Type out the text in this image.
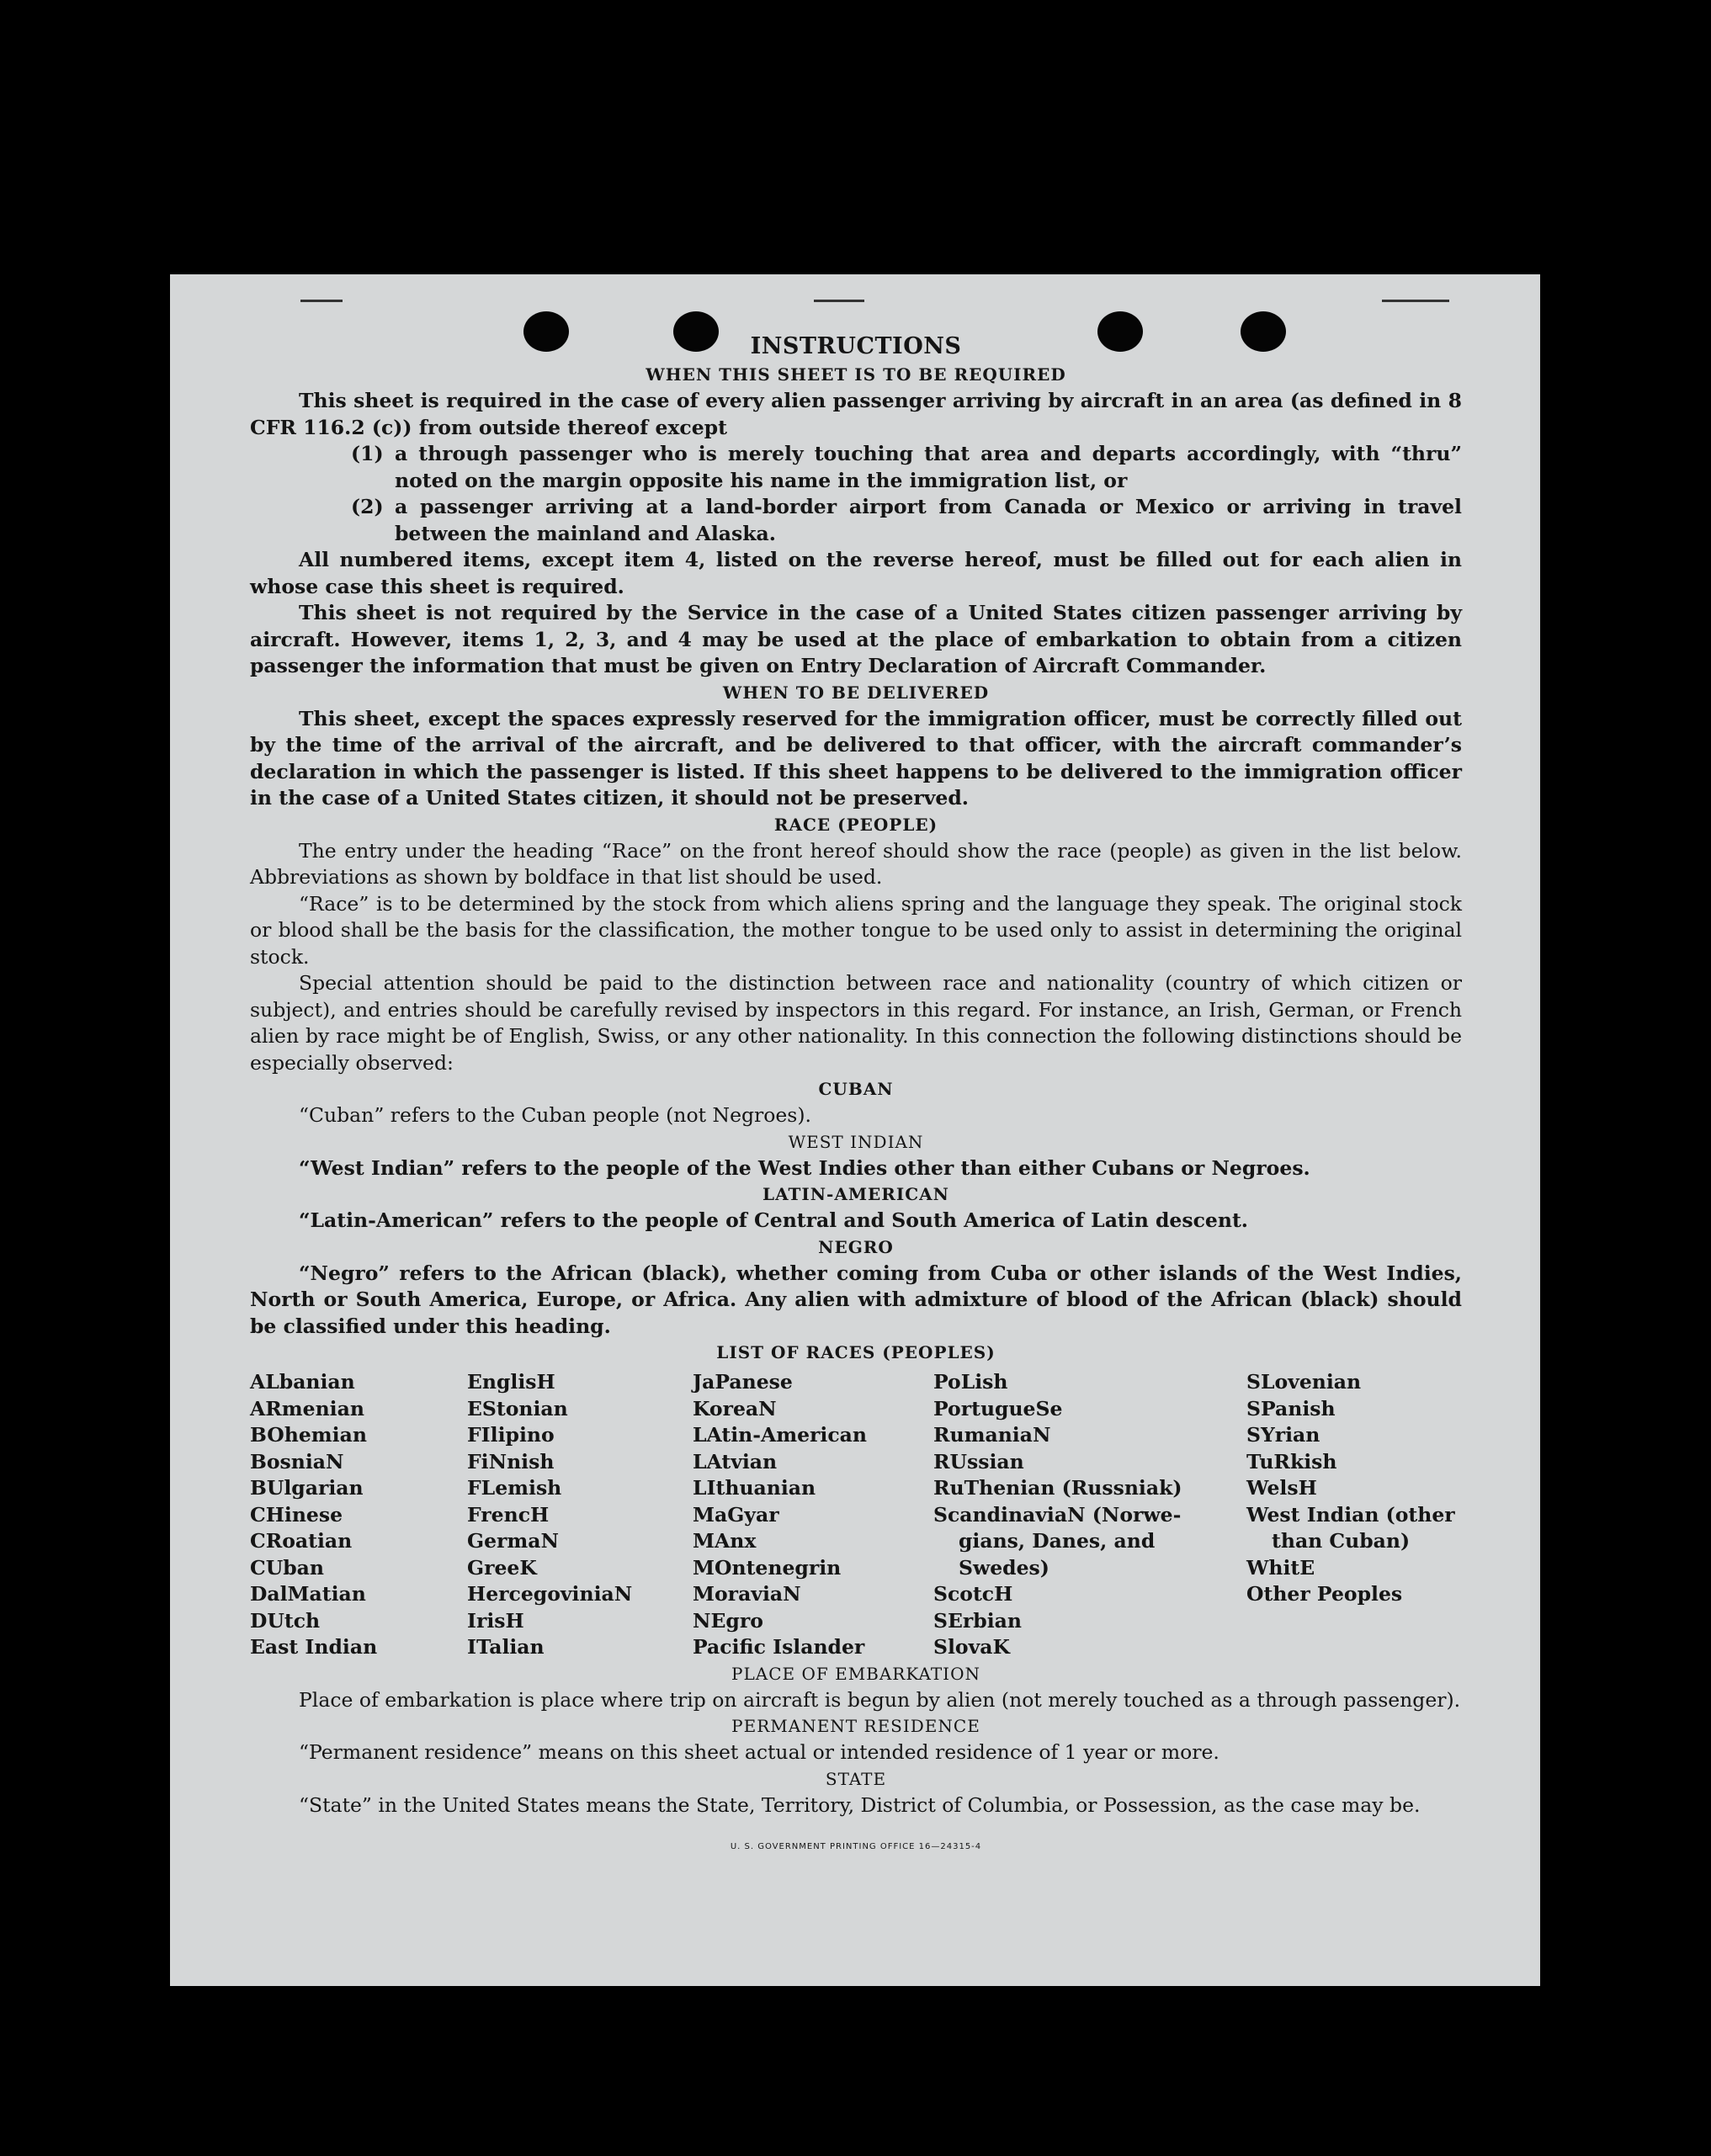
INSTRUCTIONS
WHEN THIS SHEET IS TO BE REQUIRED

This sheet is required in the case of every alien passenger arriving by aircraft in an area (as defined in 8 CFR 116.2 (c)) from outside thereof except

(1) a through passenger who is merely touching that area and departs accordingly, with “thru” noted on the margin opposite his name in the immigration list, or
(2) a passenger arriving at a land-border airport from Canada or Mexico or arriving in travel between the mainland and Alaska.

All numbered items, except item 4, listed on the reverse hereof, must be filled out for each alien in whose case this sheet is required.

This sheet is not required by the Service in the case of a United States citizen passenger arriving by aircraft. However, items 1, 2, 3, and 4 may be used at the place of embarkation to obtain from a citizen passenger the information that must be given on Entry Declaration of Aircraft Commander.

WHEN TO BE DELIVERED

This sheet, except the spaces expressly reserved for the immigration officer, must be correctly filled out by the time of the arrival of the aircraft, and be delivered to that officer, with the aircraft commander’s declaration in which the passenger is listed. If this sheet happens to be delivered to the immigration officer in the case of a United States citizen, it should not be preserved.

RACE (PEOPLE)

The entry under the heading “Race” on the front hereof should show the race (people) as given in the list below. Abbreviations as shown by boldface in that list should be used.

“Race” is to be determined by the stock from which aliens spring and the language they speak. The original stock or blood shall be the basis for the classification, the mother tongue to be used only to assist in determining the original stock.

Special attention should be paid to the distinction between race and nationality (country of which citizen or subject), and entries should be carefully revised by inspectors in this regard. For instance, an Irish, German, or French alien by race might be of English, Swiss, or any other nationality. In this connection the following distinctions should be especially observed:

CUBAN

“Cuban” refers to the Cuban people (not Negroes).

WEST INDIAN

“West Indian” refers to the people of the West Indies other than either Cubans or Negroes.

LATIN-AMERICAN

“Latin-American” refers to the people of Central and South America of Latin descent.

NEGRO

“Negro” refers to the African (black), whether coming from Cuba or other islands of the West Indies, North or South America, Europe, or Africa. Any alien with admixture of blood of the African (black) should be classified under this heading.

LIST OF RACES (PEOPLES)
ALbanian
ARmenian
BOhemian
BosniaN
BUlgarian
CHinese
CRoatian
CUban
DalMatian
DUtch
East Indian
EnglisH
EStonian
FIlipino
FiNnish
FLemish
FrencH
GermaN
GreeK
HercegoviniaN
IrisH
ITalian
JaPanese
KoreaN
LAtin-American
LAtvian
LIthuanian
MaGyar
MAnx
MOntenegrin
MoraviaN
NEgro
Pacific Islander
PoLish
PortugueSe
RumaniaN
RUssian
RuThenian (Russniak)
ScandinaviaN (Norwe-
gians, Danes, and
Swedes)
ScotcH
SErbian
SlovaK
SLovenian
SPanish
SYrian
TuRkish
WelsH
West Indian (other
than Cuban)
WhitE
Other Peoples
PLACE OF EMBARKATION

Place of embarkation is place where trip on aircraft is begun by alien (not merely touched as a through passenger).

PERMANENT RESIDENCE

“Permanent residence” means on this sheet actual or intended residence of 1 year or more.

STATE

“State” in the United States means the State, Territory, District of Columbia, or Possession, as the case may be.

U. S. GOVERNMENT PRINTING OFFICE 16—24315-4
